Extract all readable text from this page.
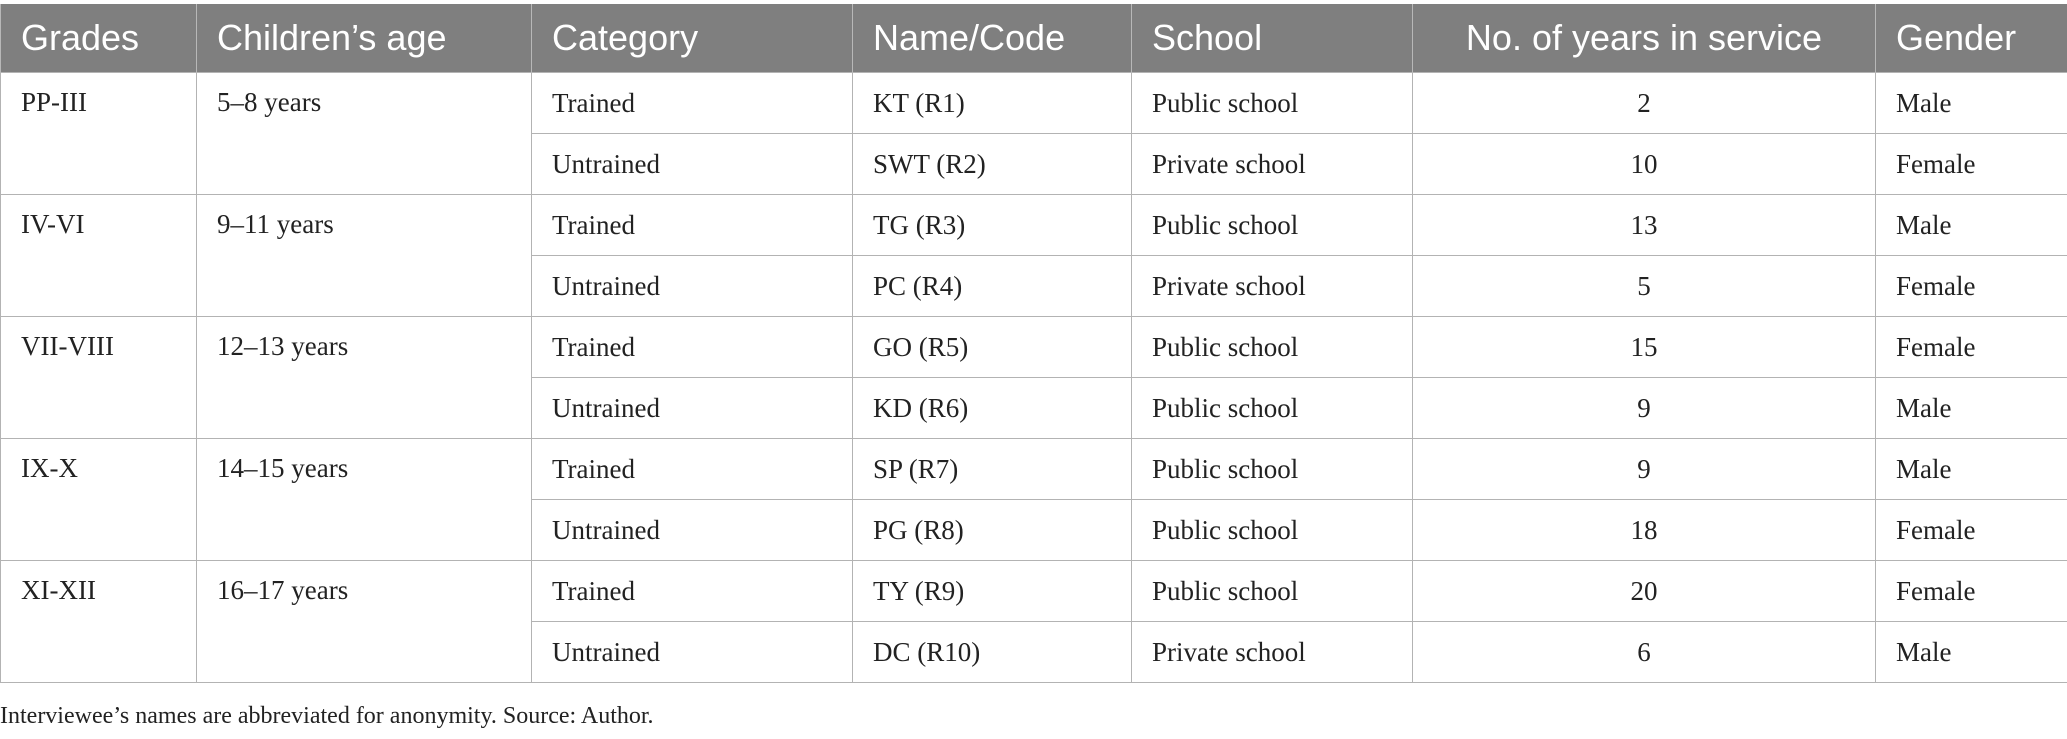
Grades	Children’s age	Category	Name/Code	School	No. of years in service	Gender
PP-III	5–8 years	Trained	KT (R1)	Public school	2	Male
		Untrained	SWT (R2)	Private school	10	Female
IV-VI	9–11 years	Trained	TG (R3)	Public school	13	Male
		Untrained	PC (R4)	Private school	5	Female
VII-VIII	12–13 years	Trained	GO (R5)	Public school	15	Female
		Untrained	KD (R6)	Public school	9	Male
IX-X	14–15 years	Trained	SP (R7)	Public school	9	Male
		Untrained	PG (R8)	Public school	18	Female
XI-XII	16–17 years	Trained	TY (R9)	Public school	20	Female
		Untrained	DC (R10)	Private school	6	Male
Interviewee’s names are abbreviated for anonymity. Source: Author.
